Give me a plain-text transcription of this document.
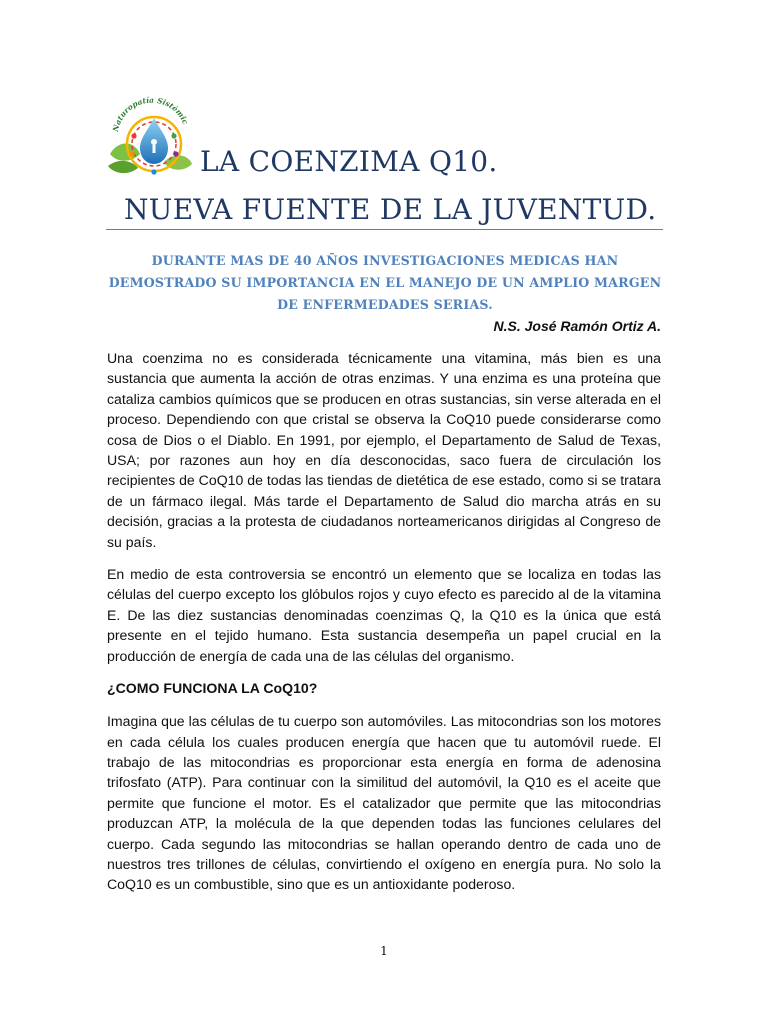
Naturopatía Sistémic
LA COENZIMA Q10.
NUEVA FUENTE DE LA JUVENTUD.
DURANTE MAS DE 40 AÑOS INVESTIGACIONES MEDICAS HAN
DEMOSTRADO SU IMPORTANCIA EN EL MANEJO DE UN AMPLIO MARGEN
DE ENFERMEDADES SERIAS.
N.S. José Ramón Ortiz A.

Una coenzima no es considerada técnicamente una vitamina, más bien es una sustancia que aumenta la acción de otras enzimas. Y una enzima es una proteína que cataliza cambios químicos que se producen en otras sustancias, sin verse alterada en el proceso. Dependiendo con que cristal se observa la CoQ10 puede considerarse como cosa de Dios o el Diablo. En 1991, por ejemplo, el Departamento de Salud de Texas, USA; por razones aun hoy en día desconocidas, saco fuera de circulación los recipientes de CoQ10 de todas las tiendas de dietética de ese estado, como si se tratara de un fármaco ilegal. Más tarde el Departamento de Salud dio marcha atrás en su decisión, gracias a la protesta de ciudadanos norteamericanos dirigidas al Congreso de su país.

En medio de esta controversia se encontró un elemento que se localiza en todas las células del cuerpo excepto los glóbulos rojos y cuyo efecto es parecido al de la vitamina E. De las diez sustancias denominadas coenzimas Q, la Q10 es la única que está presente en el tejido humano. Esta sustancia desempeña un papel crucial en la producción de energía de cada una de las células del organismo.

¿COMO FUNCIONA LA CoQ10?

Imagina que las células de tu cuerpo son automóviles. Las mitocondrias son los motores en cada célula los cuales producen energía que hacen que tu automóvil ruede. El trabajo de las mitocondrias es proporcionar esta energía en forma de adenosina trifosfato (ATP). Para continuar con la similitud del automóvil, la Q10 es el aceite que permite que funcione el motor. Es el catalizador que permite que las mitocondrias produzcan ATP, la molécula de la que dependen todas las funciones celulares del cuerpo. Cada segundo las mitocondrias se hallan operando dentro de cada uno de nuestros tres trillones de células, convirtiendo el oxígeno en energía pura. No solo la CoQ10 es un combustible, sino que es un antioxidante poderoso.

1
